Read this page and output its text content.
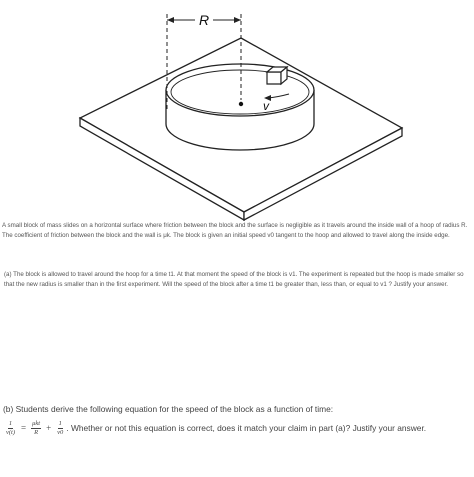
R
v
A small block of mass slides on a horizontal surface where friction between the block and the surface is negligible as it travels around the inside wall of a hoop of radius R. The coefficient of friction between the block and the wall is μk. The block is given an initial speed v0 tangent to the hoop and allowed to travel along the inside edge.
(a) The block is allowed to travel around the hoop for a time t1. At that moment the speed of the block is v1. The experiment is repeated but the hoop is made smaller so that the new radius is smaller than in the first experiment. Will the speed of the block after a time t1 be greater than, less than, or equal to v1 ? Justify your answer.
(b) Students derive the following equation for the speed of the block as a function of time:
$\frac{1}{v(t)} = \frac{\text{μkt}}{R} + \frac{1}{v0}$ . Whether or not this equation is correct, does it match your claim in part (a)? Justify your answer.
